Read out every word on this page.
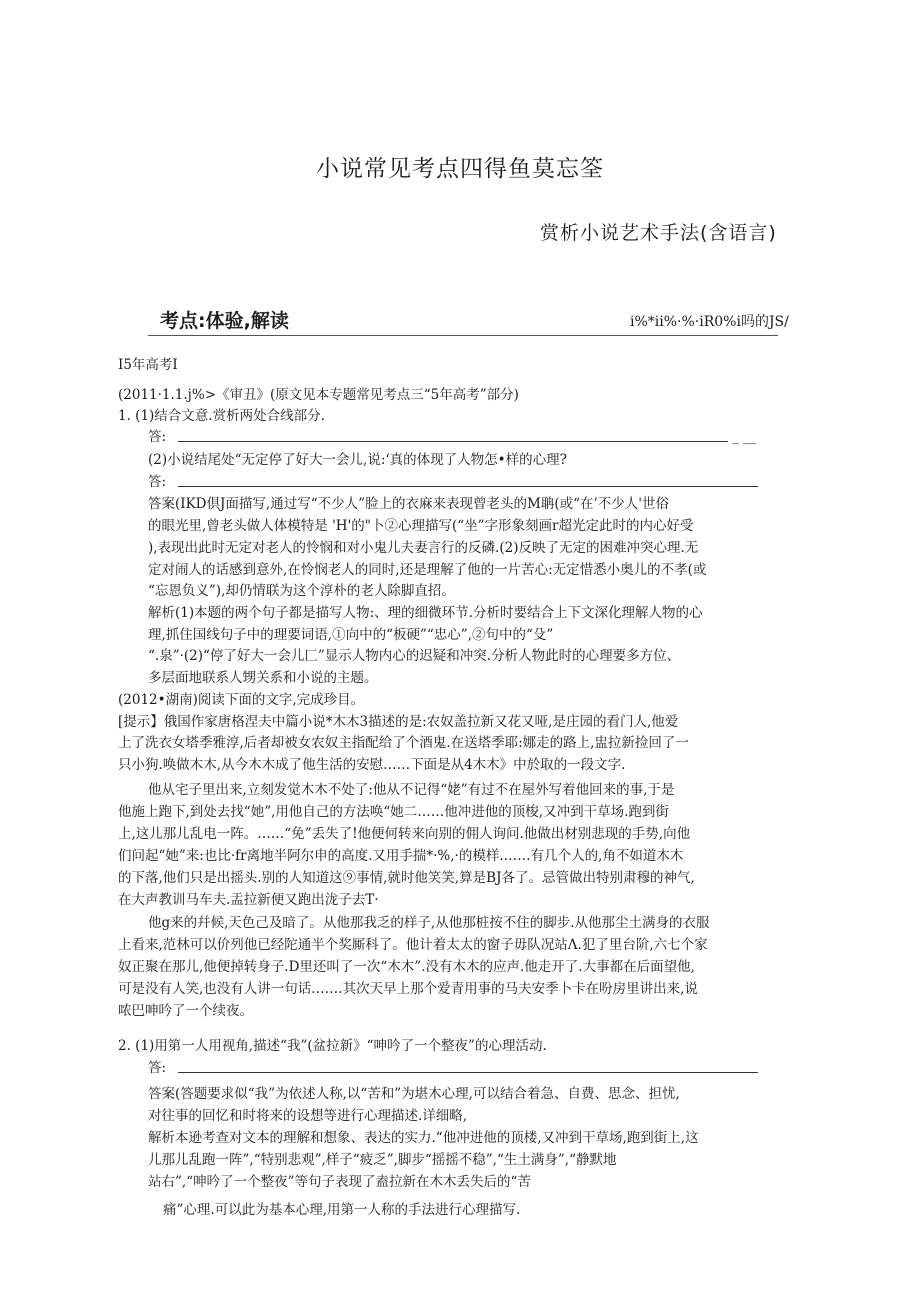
小说常见考点四得鱼莫忘筌
赏析小说艺术手法(含语言)
考点:体验,解读	i%*ii%·%·iR0%i吗的JS/
I5年高考I
(2011·1.1.j%>《审丑》(原文见本专题常见考点三“5年高考”部分)
1. (1)结合文意.赏析两处合线部分.
答:	_ __
(2)小说结尾处“无定停了好大一会儿,说:‘真的体现了人物怎•样的心理?
答:
答案(IKD倶J面描写,通过写“不少人”脸上的衣麻来表现曾老头的M聃(或“在’不少人'世俗
的眼光里,曾老头做人体模特是 'H'的"卜②心理描写(“坐”字形象刻画r超光定此时的内心好受
),表现出此时无定对老人的怜悯和对小鬼儿夫妻言行的反磷.(2)反映了无定的困难冲突心理.无
定对闹人的话感到意外,在怜悯老人的同时,还是理解了他的一片苦心:无定惜悉小奥儿的不孝(或
“忘恩负义”),却仍情联为这个淳朴的老人除脚直招。
解析(1)本题的两个句子都是描写人物:、理的细微环节.分析时要结合上下文深化理解人物的心
理,抓住国线句子中的理要词语,①向中的“板硬”“忠心”,②句中的“殳”
“.泉”·(2)“停了好大一会儿匚”显示人物内心的迟疑和冲突.分析人物此时的心理要多方位、
多层面地联系人甥关系和小说的主题。
(2012•湖南)阅读下面的文字,完成珍目。
[提示】俄国作家唐格涅夫中篇小说*木木3描述的是:农奴盖拉新又花又哑,是庄园的看门人,他爱
上了洗衣女塔季雅淳,后者却被女农奴主指配给了个酒鬼.在送塔季耶:娜走的路上,盅拉新捡回了一
只小狗.唤做木木,从今木木成了他生活的安慰……下面是从4木木》中於取的一段文字.
他从宅子里出来,立刻发觉木木不处了:他从不记得“姥”有过不在屋外写着他回来的事,于是
他施上跑下,到处去找“她”,用他自己的方法唤“她二……他冲进他的顶梭,又冲到干草场.跑到街
上,这儿那儿乱电一阵。……“免”丢失了!他便何转来向别的佣人询问.他做出材别悲现的手势,向他
们问起“她”来:也比·fr离地半阿尔申的高度.又用手揣*·%,·的模样.……有几个人的,角不如道木木
的下落,他们只是出摇头.别的人知道这⑨事情,就时他笑笑,算是BJ各了。忌管做出特别肃穆的神气,
在大声教训马车夫.盂拉新便又跑出泷子去T·
他g来的幷候,天色己及暗了。从他那我乏的样子,从他那桩按不住的脚步.从他那尘土满身的衣服
上看来,范林可以价列他已经陀通半个奖厮科了。他计着太太的窗子毋队况站Λ.犯了里台阶,六七个家
奴正聚在那儿,他便掉转身子.D里还叫了一次“木木”.没有木木的应声.他走开了.大事都在后面望他,
可是没有人笑,也没有人讲一句话.……其次天早上那个爱青用事的马夫安季卜卡在吩房里讲出来,说
哝巴呻吟了一个续夜。
2. (1)用第一人用视角,描述“我”(盆拉新》“呻吟了一个整夜”的心理活动.
答:
答案(答题要求似“我”为依述人称,以“苦和”为堪木心理,可以结合着急、自费、思念、担忧,
对往事的回忆和时将来的设想等进行心理描述.详细略,
解析本逊考查对文本的理解和想象、表达的实力.“他冲进他的顶楼,又冲到干草场,跑到街上,这
儿那儿乱跑一阵”,“特别悲观”,样子“疲乏”,脚步“摇摇不稳”,“生土满身”,“静默地
站右”,“呻吟了一个整夜”等句子表现了盍拉新在木木丢失后的“苦
痛”心理.可以此为基本心理,用第一人称的手法进行心理描写.
